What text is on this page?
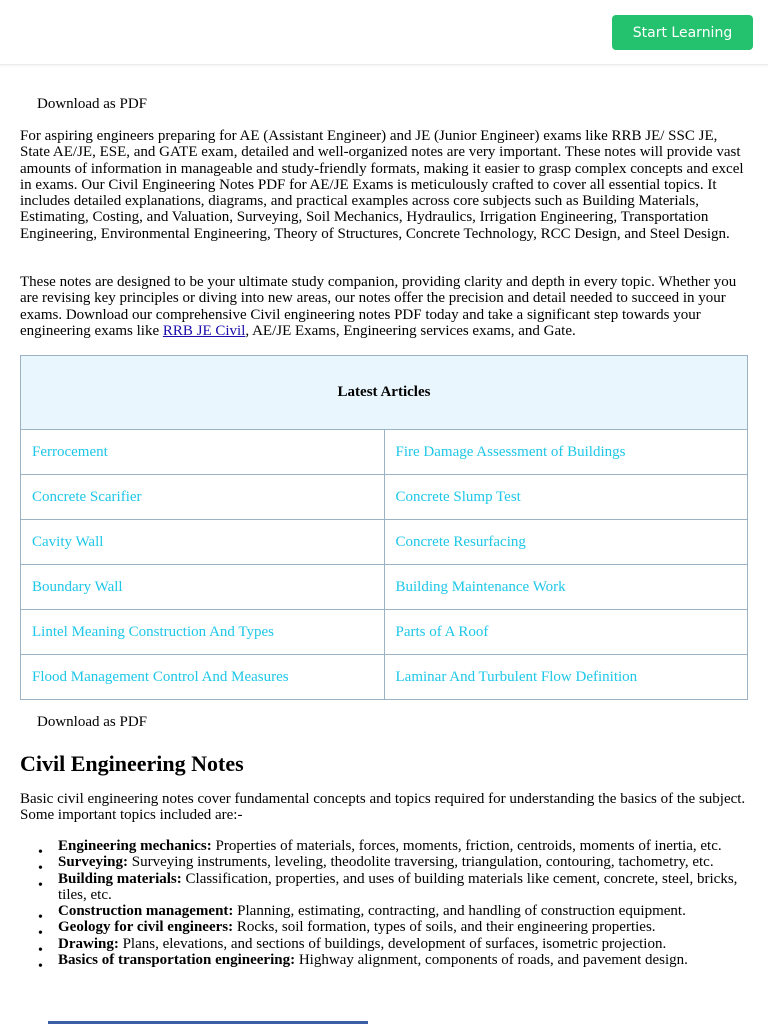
Start Learning
Download as PDF

For aspiring engineers preparing for AE (Assistant Engineer) and JE (Junior Engineer) exams like RRB JE/ SSC JE, State AE/JE, ESE, and GATE exam, detailed and well-organized notes are very important. These notes will provide vast amounts of information in manageable and study-friendly formats, making it easier to grasp complex concepts and excel in exams. Our Civil Engineering Notes PDF for AE/JE Exams is meticulously crafted to cover all essential topics. It includes detailed explanations, diagrams, and practical examples across core subjects such as Building Materials, Estimating, Costing, and Valuation, Surveying, Soil Mechanics, Hydraulics, Irrigation Engineering, Transportation Engineering, Environmental Engineering, Theory of Structures, Concrete Technology, RCC Design, and Steel Design.

These notes are designed to be your ultimate study companion, providing clarity and depth in every topic. Whether you are revising key principles or diving into new areas, our notes offer the precision and detail needed to succeed in your exams. Download our comprehensive Civil engineering notes PDF today and take a significant step towards your engineering exams like RRB JE Civil, AE/JE Exams, Engineering services exams, and Gate.

Latest Articles	
Ferrocement	Fire Damage Assessment of Buildings
Concrete Scarifier	Concrete Slump Test
Cavity Wall	Concrete Resurfacing
Boundary Wall	Building Maintenance Work
Lintel Meaning Construction And Types	Parts of A Roof
Flood Management Control And Measures	Laminar And Turbulent Flow Definition
Download as PDF
Civil Engineering Notes

Basic civil engineering notes cover fundamental concepts and topics required for understanding the basics of the subject. Some important topics included are:-

• Engineering mechanics: Properties of materials, forces, moments, friction, centroids, moments of inertia, etc.
• Surveying: Surveying instruments, leveling, theodolite traversing, triangulation, contouring, tachometry, etc.
• Building materials: Classification, properties, and uses of building materials like cement, concrete, steel, bricks, tiles, etc.
• Construction management: Planning, estimating, contracting, and handling of construction equipment.
• Geology for civil engineers: Rocks, soil formation, types of soils, and their engineering properties.
• Drawing: Plans, elevations, and sections of buildings, development of surfaces, isometric projection.
• Basics of transportation engineering: Highway alignment, components of roads, and pavement design.
